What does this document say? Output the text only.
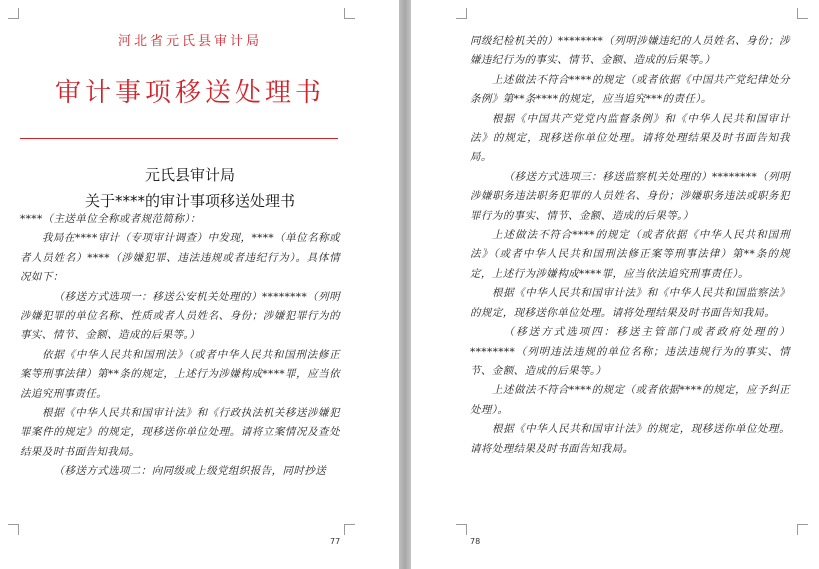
河北省元氏县审计局
审计事项移送处理书
元氏县审计局
关于****的审计事项移送处理书

****（主送单位全称或者规范简称）：

我局在****审计（专项审计调查）中发现，****（单位名称或者人员姓名）****（涉嫌犯罪、违法违规或者违纪行为）。具体情况如下：

（移送方式选项一：移送公安机关处理的）********（列明涉嫌犯罪的单位名称、性质或者人员姓名、身份；涉嫌犯罪行为的事实、情节、金额、造成的后果等。）

依据《中华人民共和国刑法》（或者中华人民共和国刑法修正案等刑事法律）第**条的规定，上述行为涉嫌构成****罪，应当依法追究刑事责任。

根据《中华人民共和国审计法》和《行政执法机关移送涉嫌犯罪案件的规定》的规定，现移送你单位处理。请将立案情况及查处结果及时书面告知我局。

（移送方式选项二：向同级或上级党组织报告，同时抄送

77

同级纪检机关的）********（列明涉嫌违纪的人员姓名、身份；涉嫌违纪行为的事实、情节、金额、造成的后果等。）

上述做法不符合****的规定（或者依据《中国共产党纪律处分条例》第**条****的规定，应当追究***的责任）。

根据《中国共产党党内监督条例》和《中华人民共和国审计法》的规定，现移送你单位处理。请将处理结果及时书面告知我局。

（移送方式选项三：移送监察机关处理的）********（列明涉嫌职务违法职务犯罪的人员姓名、身份；涉嫌职务违法或职务犯罪行为的事实、情节、金额、造成的后果等。）

上述做法不符合****的规定（或者依据《中华人民共和国刑法》（或者中华人民共和国刑法修正案等刑事法律）第**条的规定，上述行为涉嫌构成****罪，应当依法追究刑事责任）。

根据《中华人民共和国审计法》和《中华人民共和国监察法》的规定，现移送你单位处理。请将处理结果及时书面告知我局。

（移送方式选项四：移送主管部门或者政府处理的）********（列明违法违规的单位名称；违法违规行为的事实、情节、金额、造成的后果等。）

上述做法不符合****的规定（或者依据****的规定，应予纠正处理）。

根据《中华人民共和国审计法》的规定，现移送你单位处理。请将处理结果及时书面告知我局。

78
